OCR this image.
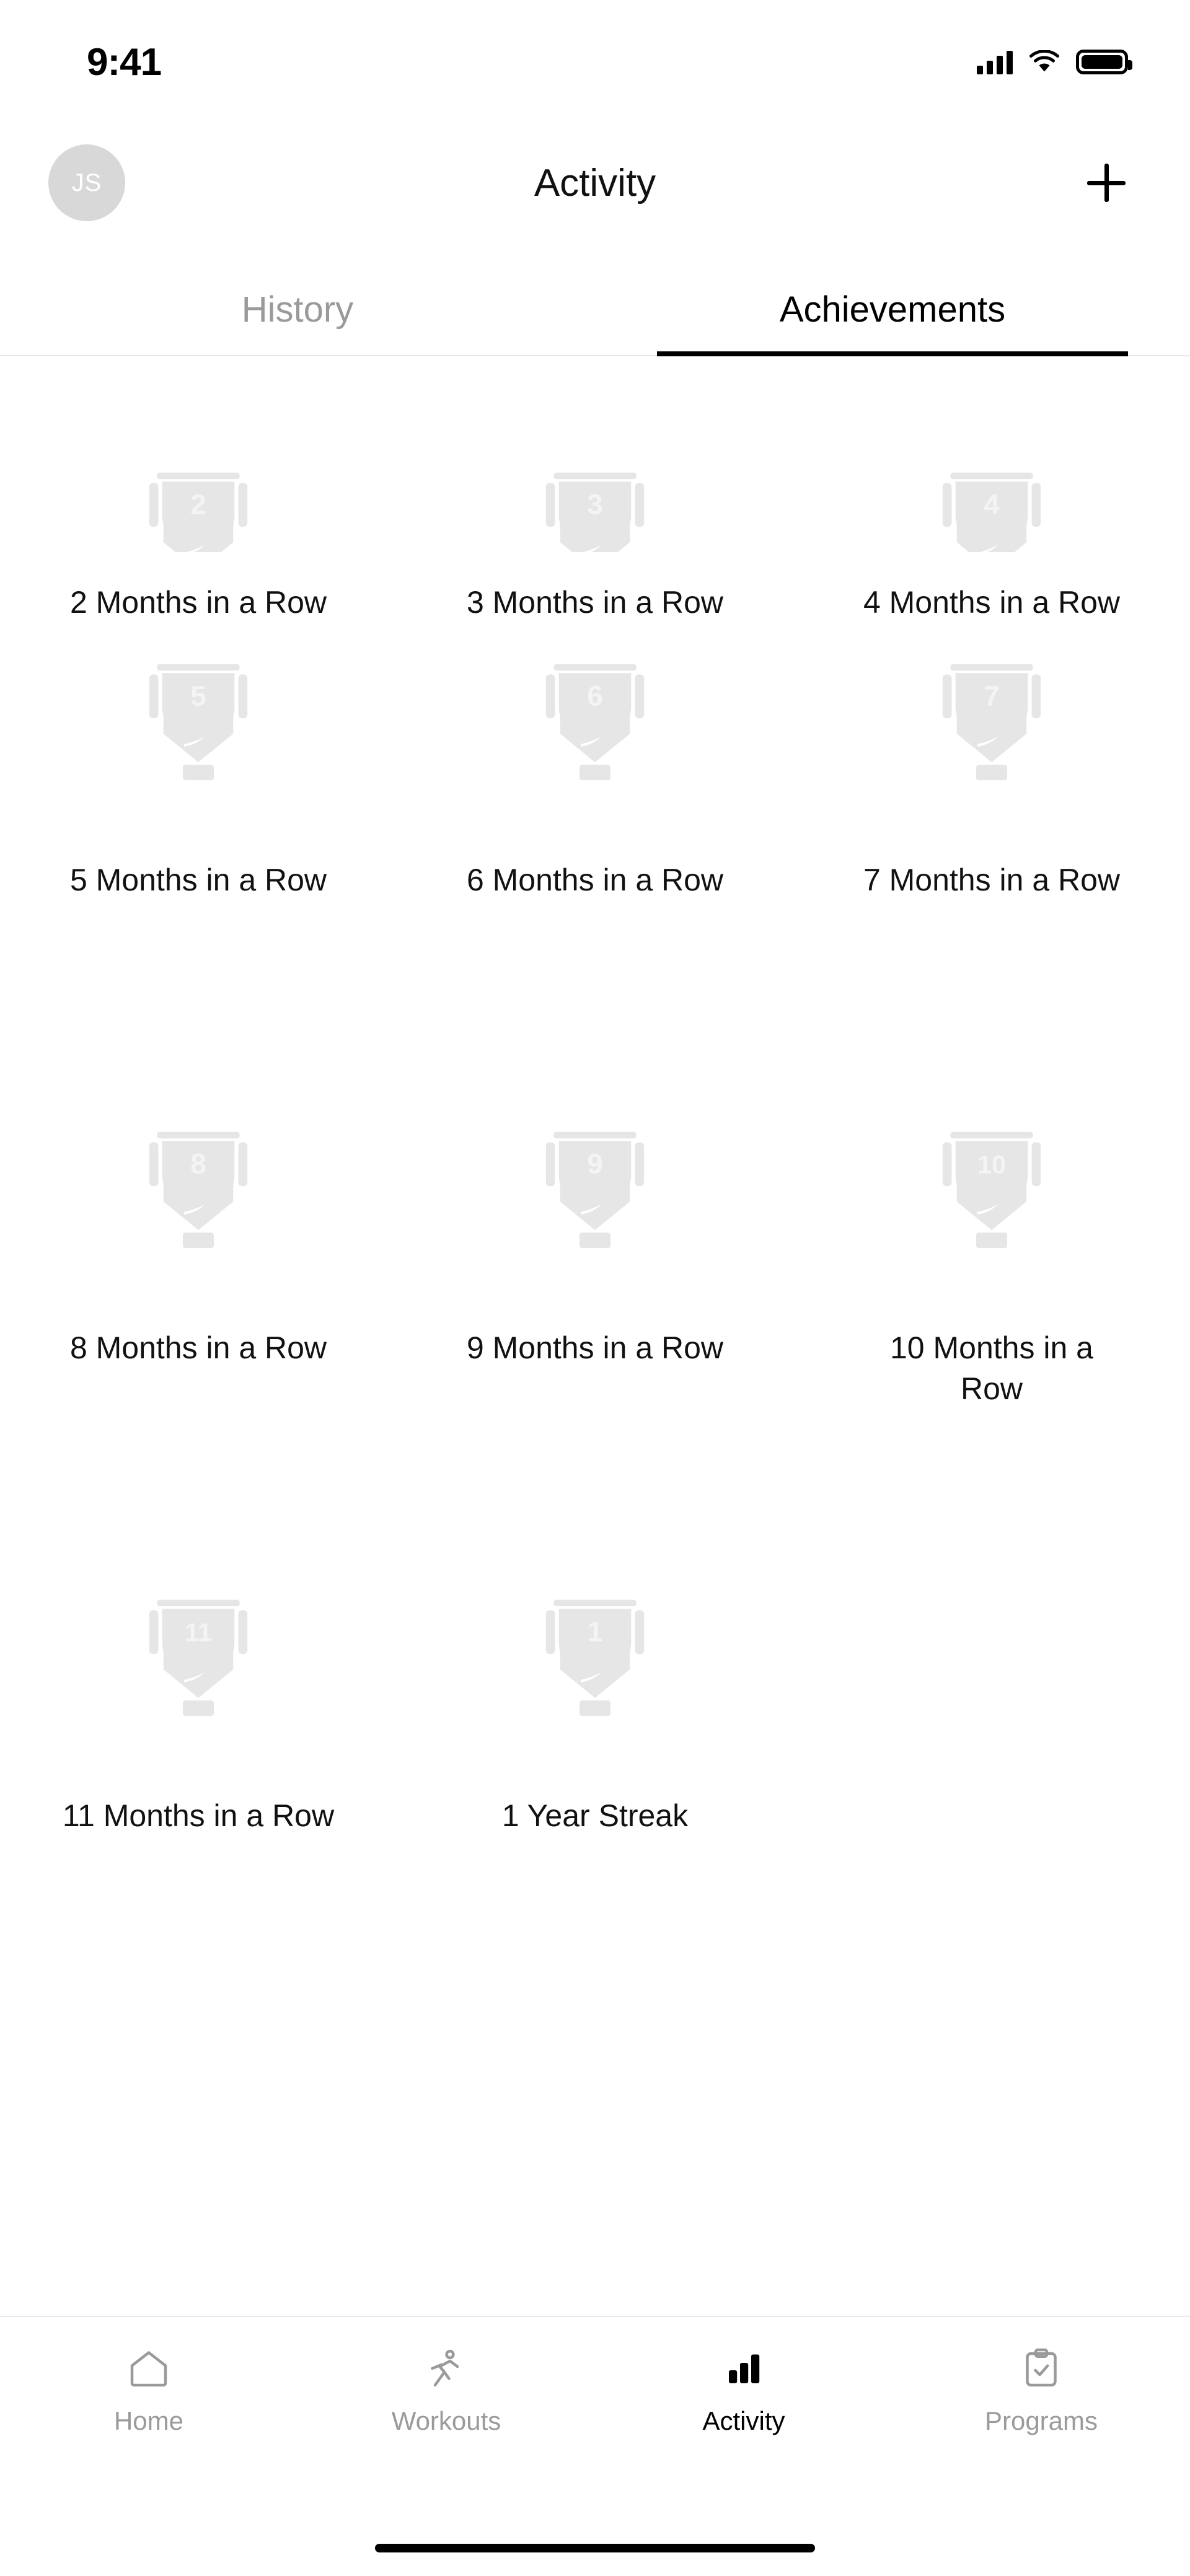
9:41
JS	Activity
History	Achievements
2
2 Months in a Row
3
3 Months in a Row
4
4 Months in a Row
5
5 Months in a Row
6
6 Months in a Row
7
7 Months in a Row
8
8 Months in a Row
9
9 Months in a Row
10
10 Months in a Row
11
11 Months in a Row
1
1 Year Streak
Home	Workouts	Activity	Programs
